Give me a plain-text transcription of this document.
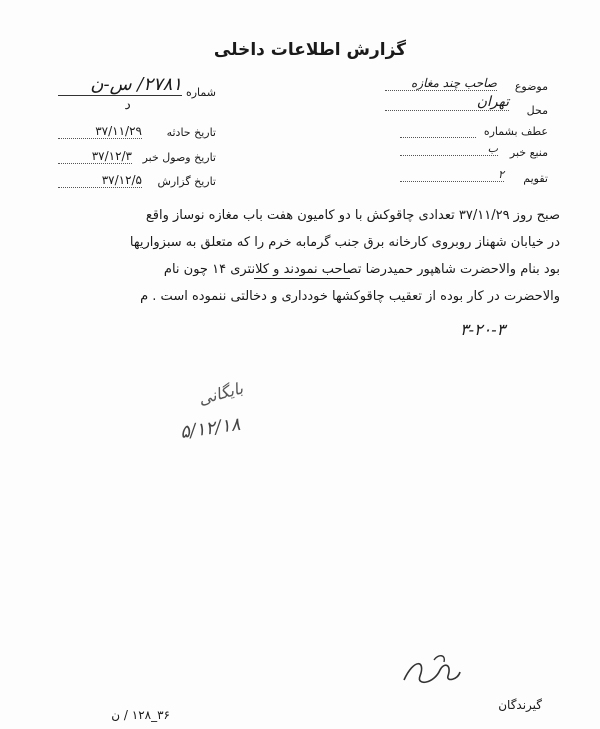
گزارش اطلاعات داخلی
شماره
۲۷۸۱/ س-ن
د
موضوع
صاحب چند مغازه
محل
تهران
عطف بشماره
منبع خبر
ب
تقویم
۲
تاریخ حادثه
۳۷/۱۱/۲۹
تاریخ وصول خبر
۳۷/۱۲/۳
تاریخ گزارش
۳۷/۱۲/۵
صبح روز ۳۷/۱۱/۲۹ تعدادی چاقوکش با دو کامیون هفت باب مغازه نوساز واقع
در خیابان شهناز روبروی کارخانه برق جنب گرمابه خرم را که متعلق به سبزواریها
بود بنام والاحضرت شاهپور حمیدرضا تصاحب نمودند و کلانتری ۱۴ چون نام
والاحضرت در کار بوده از تعقیب چاقوکشها خودداری و دخالتی ننموده است . م
۳-۲۰-۳
بایگانی
۵/۱۲/۱۸
گیرندگان
۳۶_۱۲۸ / ن
